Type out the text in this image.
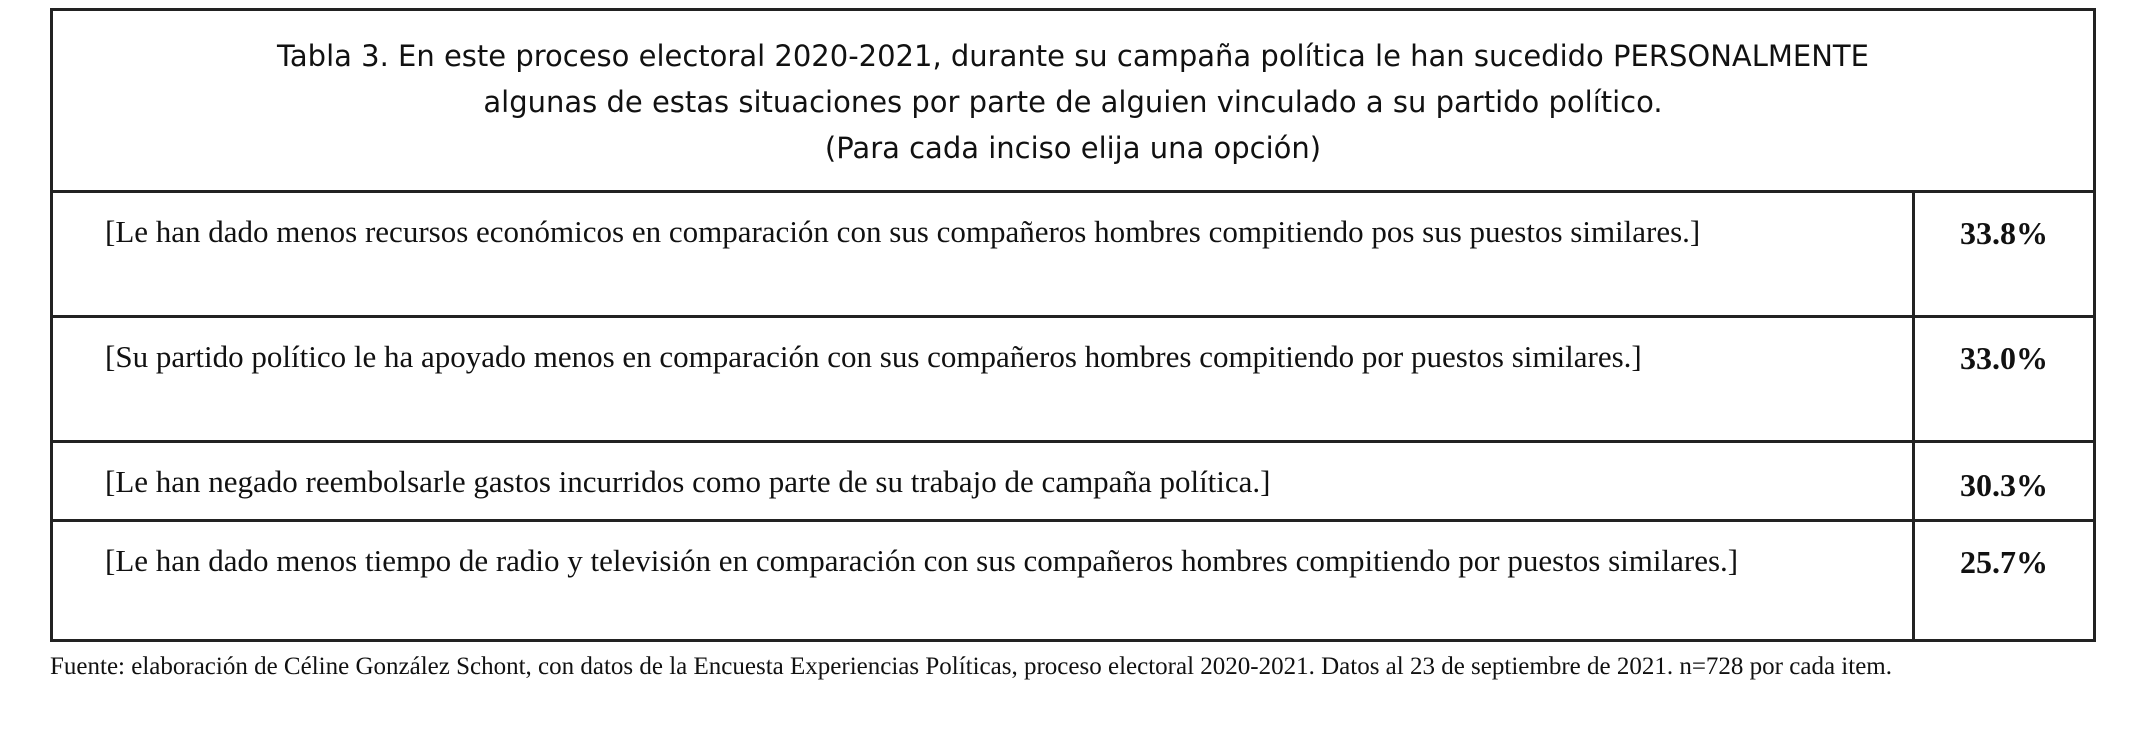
Tabla 3. En este proceso electoral 2020-2021, durante su campaña política le han sucedido PERSONALMENTE
algunas de estas situaciones por parte de alguien vinculado a su partido político.
(Para cada inciso elija una opción)
[Le han dado menos recursos económicos en comparación con sus compañeros hombres compitiendo pos sus puestos similares.]	33.8%
[Su partido político le ha apoyado menos en comparación con sus compañeros hombres compitiendo por puestos similares.]	33.0%
[Le han negado reembolsarle gastos incurridos como parte de su trabajo de campaña política.]	30.3%
[Le han dado menos tiempo de radio y televisión en comparación con sus compañeros hombres compitiendo por puestos similares.]	25.7%
Fuente: elaboración de Céline González Schont, con datos de la Encuesta Experiencias Políticas, proceso electoral 2020-2021. Datos al 23 de septiembre de 2021. n=728 por cada item.
